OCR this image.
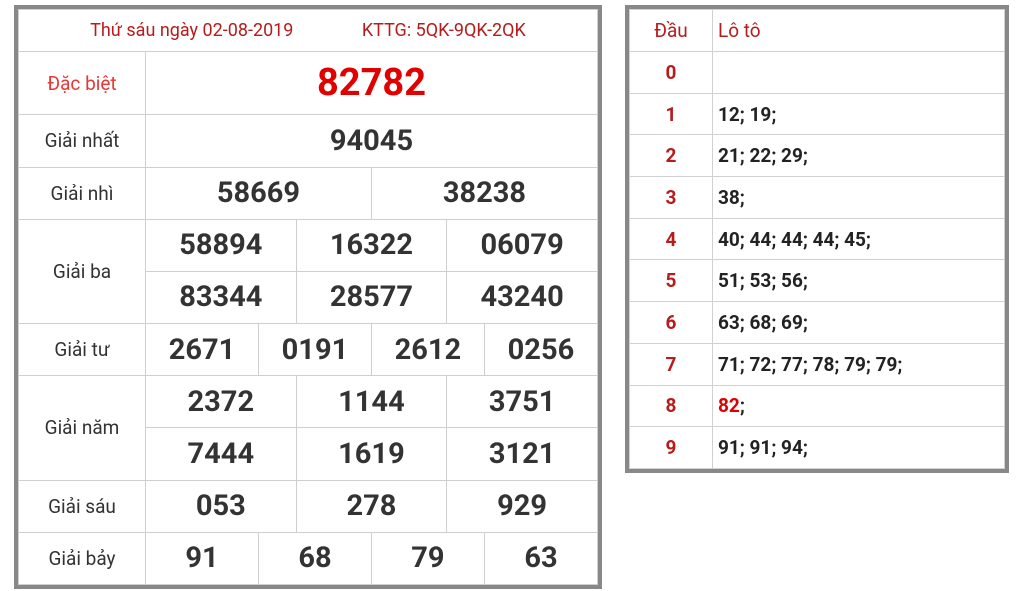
Thứ sáu ngày 02-08-2019 KTTG: 5QK-9QK-2QK						
Đặc biệt	82782					
Giải nhất	94045					
Giải nhì	58669			38238		
Giải ba	58894		16322		06079	
	83344		28577		43240	
Giải tư	2671	0191		2612		0256
Giải năm	2372		1144		3751	
	7444		1619		3121	
Giải sáu	053		278		929	
Giải bảy	91	68		79		63
Đầu	Lô tô
0	
1	12; 19;
2	21; 22; 29;
3	38;
4	40; 44; 44; 44; 45;
5	51; 53; 56;
6	63; 68; 69;
7	71; 72; 77; 78; 79; 79;
8	82;
9	91; 91; 94;
